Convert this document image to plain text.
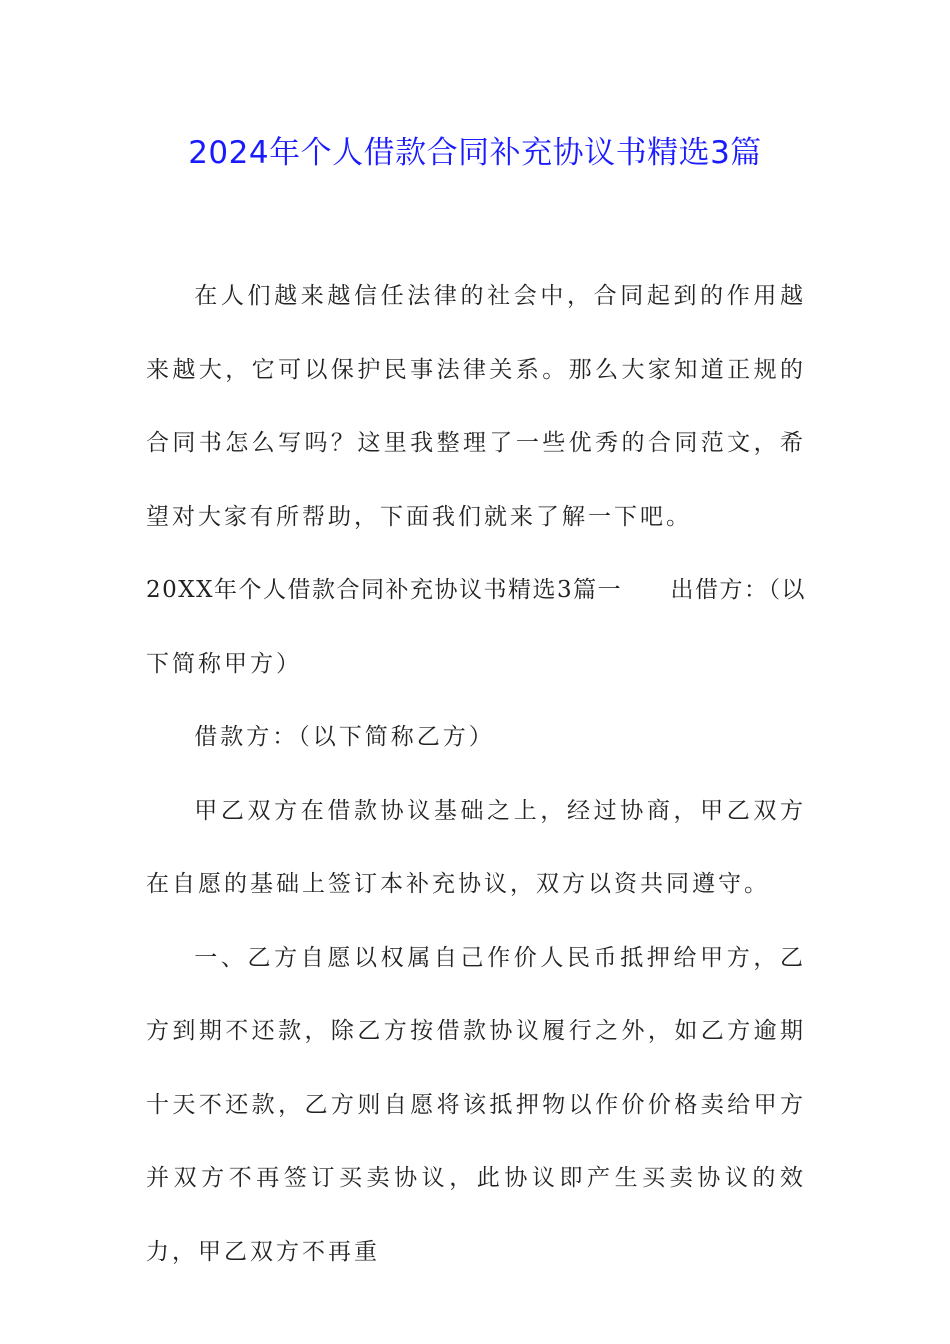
2024年个人借款合同补充协议书精选3篇

在人们越来越信任法律的社会中，合同起到的作用越来越大，它可以保护民事法律关系。那么大家知道正规的合同书怎么写吗？这里我整理了一些优秀的合同范文，希望对大家有所帮助，下面我们就来了解一下吧。

20XX年个人借款合同补充协议书精选3篇一 出借方：（以

下简称甲方）

借款方：（以下简称乙方）

甲乙双方在借款协议基础之上，经过协商，甲乙双方在自愿的基础上签订本补充协议，双方以资共同遵守。

一、乙方自愿以权属自己作价人民币抵押给甲方，乙方到期不还款，除乙方按借款协议履行之外，如乙方逾期十天不还款，乙方则自愿将该抵押物以作价价格卖给甲方并双方不再签订买卖协议，此协议即产生买卖协议的效力，甲乙双方不再重
